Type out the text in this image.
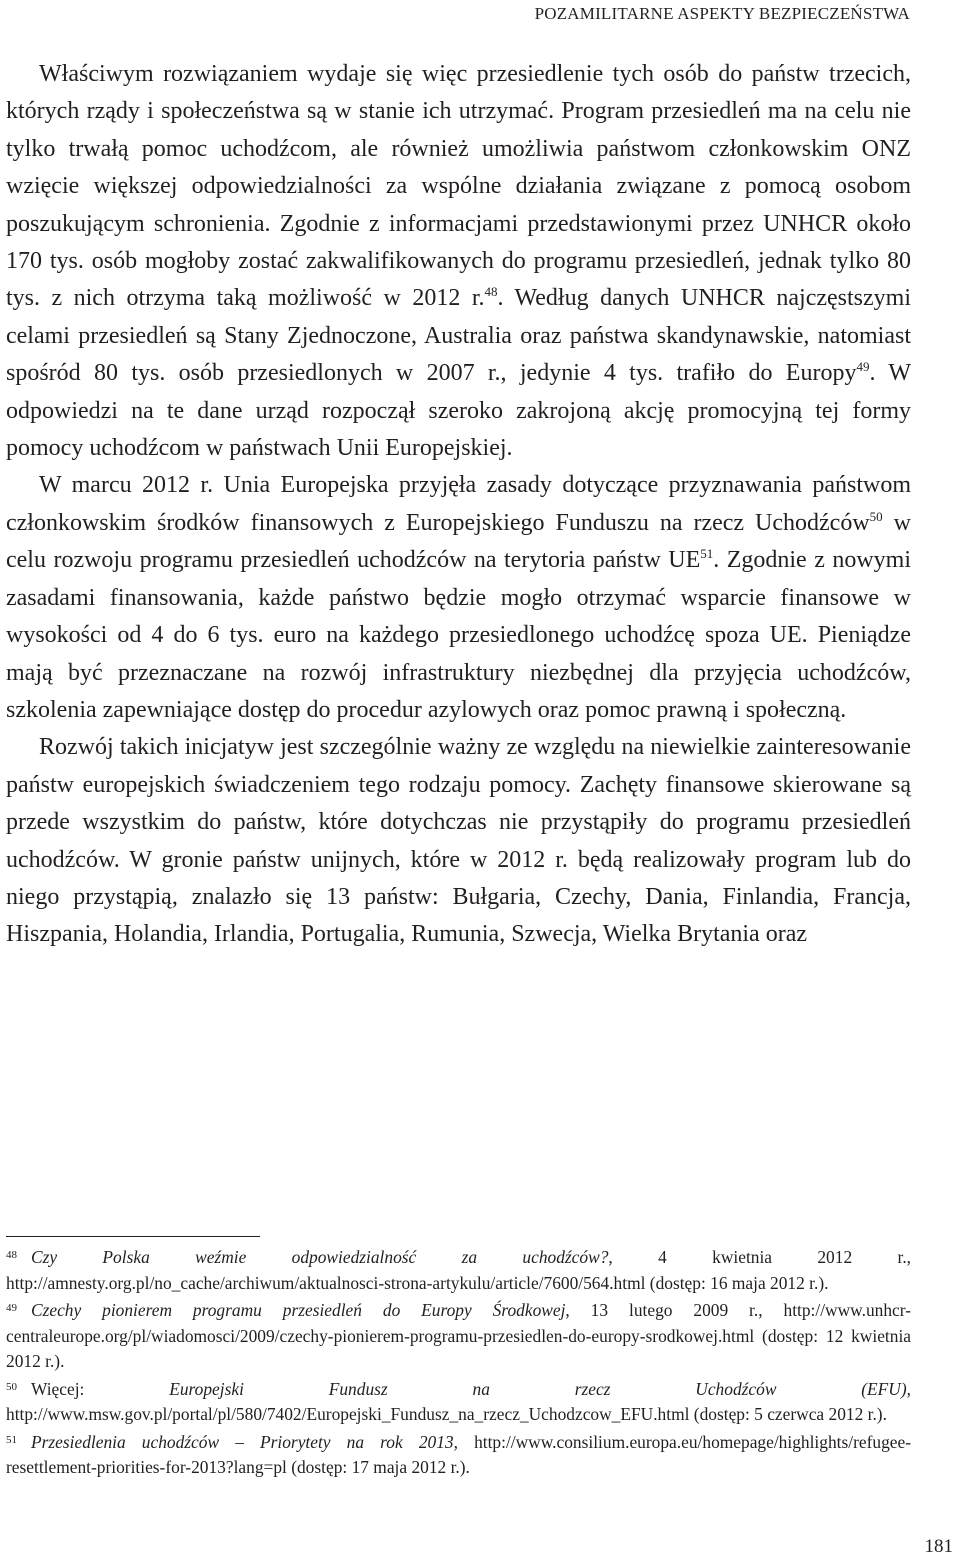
POZAMILITARNE ASPEKTY BEZPIECZEŃSTWA

Właściwym rozwiązaniem wydaje się więc przesiedlenie tych osób do państw trzecich, których rządy i społeczeństwa są w stanie ich utrzymać. Program przesiedleń ma na celu nie tylko trwałą pomoc uchodźcom, ale również umożliwia państwom członkowskim ONZ wzięcie większej odpowiedzialności za wspólne działania związane z pomocą osobom poszukującym schronienia. Zgodnie z informacjami przedstawionymi przez UNHCR około 170 tys. osób mogłoby zostać zakwalifikowanych do programu przesiedleń, jednak tylko 80 tys. z nich otrzyma taką możliwość w 2012 r.$^{48}$. Według danych UNHCR najczęstszymi celami przesiedleń są Stany Zjednoczone, Australia oraz państwa skandynawskie, natomiast spośród 80 tys. osób przesiedlonych w 2007 r., jedynie 4 tys. trafiło do Europy$^{49}$. W odpowiedzi na te dane urząd rozpoczął szeroko zakrojoną akcję promocyjną tej formy pomocy uchodźcom w państwach Unii Europejskiej.

W marcu 2012 r. Unia Europejska przyjęła zasady dotyczące przyznawania państwom członkowskim środków finansowych z Europejskiego Funduszu na rzecz Uchodźców$^{50}$ w celu rozwoju programu przesiedleń uchodźców na terytoria państw UE$^{51}$. Zgodnie z nowymi zasadami finansowania, każde państwo będzie mogło otrzymać wsparcie finansowe w wysokości od 4 do 6 tys. euro na każdego przesiedlonego uchodźcę spoza UE. Pieniądze mają być przeznaczane na rozwój infrastruktury niezbędnej dla przyjęcia uchodźców, szkolenia zapewniające dostęp do procedur azylowych oraz pomoc prawną i społeczną.

Rozwój takich inicjatyw jest szczególnie ważny ze względu na niewielkie zainteresowanie państw europejskich świadczeniem tego rodzaju pomocy. Zachęty finansowe skierowane są przede wszystkim do państw, które dotychczas nie przystąpiły do programu przesiedleń uchodźców. W gronie państw unijnych, które w 2012 r. będą realizowały program lub do niego przystąpią, znalazło się 13 państw: Bułgaria, Czechy, Dania, Finlandia, Francja, Hiszpania, Holandia, Irlandia, Portugalia, Rumunia, Szwecja, Wielka Brytania oraz

$^{48}$ Czy Polska weźmie odpowiedzialność za uchodźców?, 4 kwietnia 2012 r., http://amnesty.org.pl/no_cache/archiwum/aktualnosci-strona-artykulu/article/7600/564.html (dostęp: 16 maja 2012 r.).

$^{49}$ Czechy pionierem programu przesiedleń do Europy Środkowej, 13 lutego 2009 r., http://www.unhcr-centraleurope.org/pl/wiadomosci/2009/czechy-pionierem-programu-przesiedlen-do-europy-srodkowej.html (dostęp: 12 kwietnia 2012 r.).

$^{50}$ Więcej: Europejski Fundusz na rzecz Uchodźców (EFU), http://www.msw.gov.pl/portal/pl/580/7402/Europejski_Fundusz_na_rzecz_Uchodzcow_EFU.html (dostęp: 5 czerwca 2012 r.).

$^{51}$ Przesiedlenia uchodźców – Priorytety na rok 2013, http://www.consilium.europa.eu/homepage/highlights/refugee-resettlement-priorities-for-2013?lang=pl (dostęp: 17 maja 2012 r.).

181
